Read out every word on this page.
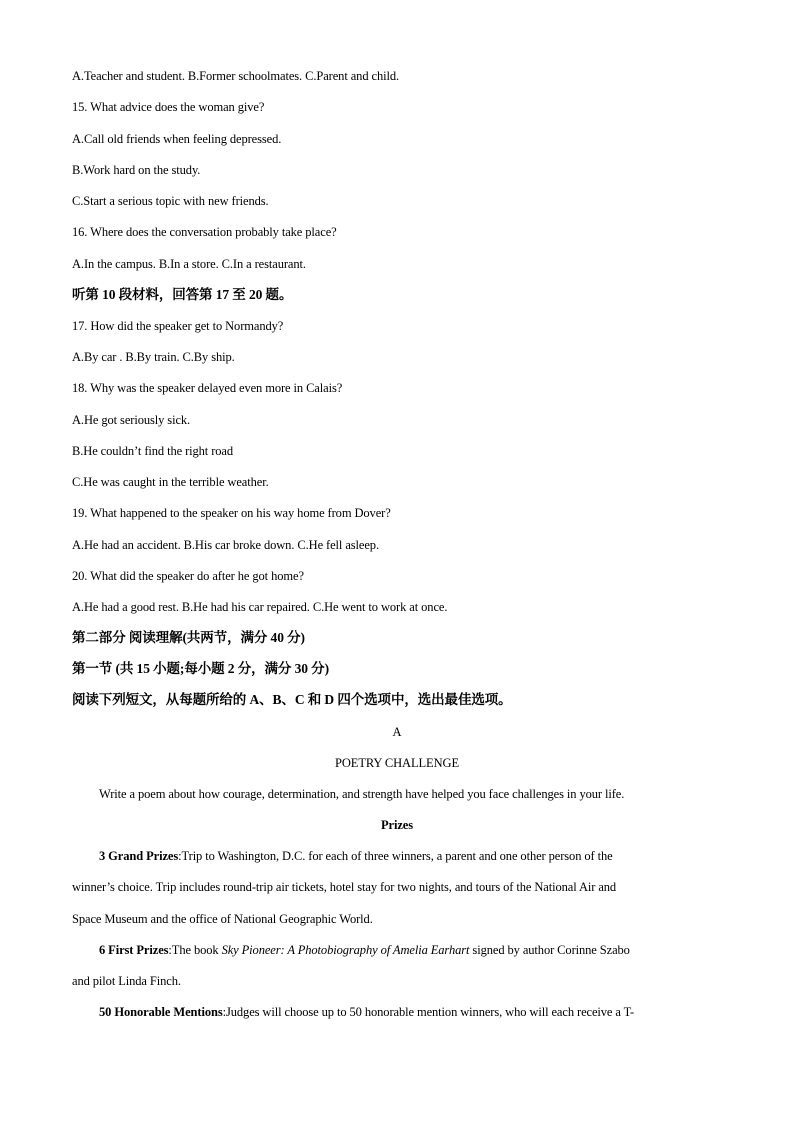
A.Teacher and student. B.Former schoolmates. C.Parent and child.
15. What advice does the woman give?
A.Call old friends when feeling depressed.
B.Work hard on the study.
C.Start a serious topic with new friends.
16. Where does the conversation probably take place?
A.In the campus. B.In a store. C.In a restaurant.
听第 10 段材料，回答第 17 至 20 题。
17. How did the speaker get to Normandy?
A.By car . B.By train. C.By ship.
18. Why was the speaker delayed even more in Calais?
A.He got seriously sick.
B.He couldn’t find the right road
C.He was caught in the terrible weather.
19. What happened to the speaker on his way home from Dover?
A.He had an accident. B.His car broke down. C.He fell asleep.
20. What did the speaker do after he got home?
A.He had a good rest. B.He had his car repaired. C.He went to work at once.
第二部分 阅读理解(共两节，满分 40 分)
第一节 (共 15 小题;每小题 2 分，满分 30 分)
阅读下列短文，从每题所给的 A、B、C 和 D 四个选项中，选出最佳选项。
A
POETRY CHALLENGE
Write a poem about how courage, determination, and strength have helped you face challenges in your life.
Prizes
3 Grand Prizes:Trip to Washington, D.C. for each of three winners, a parent and one other person of the
winner’s choice. Trip includes round-trip air tickets, hotel stay for two nights, and tours of the National Air and
Space Museum and the office of National Geographic World.
6 First Prizes:The book Sky Pioneer: A Photobiography of Amelia Earhart signed by author Corinne Szabo
and pilot Linda Finch.
50 Honorable Mentions:Judges will choose up to 50 honorable mention winners, who will each receive a T-
